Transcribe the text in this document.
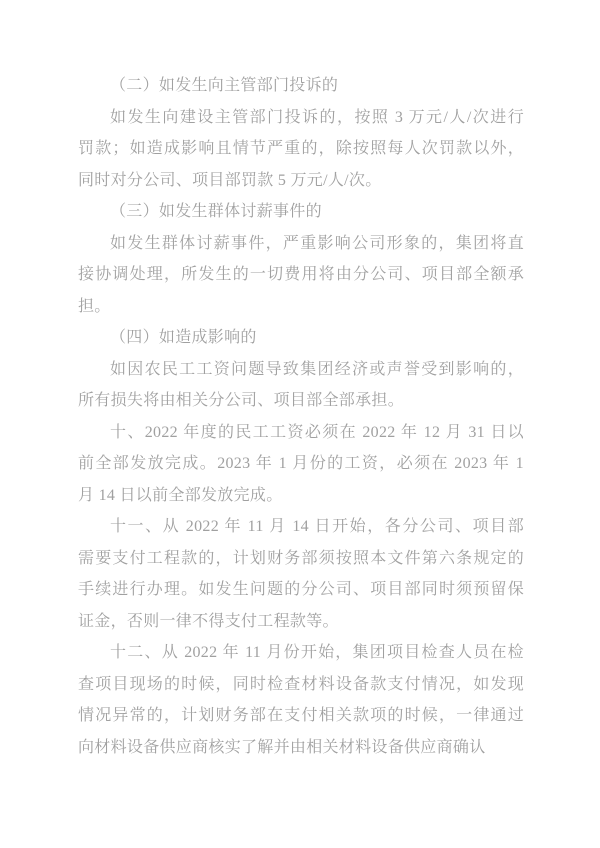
（二）如发生向主管部门投诉的
如发生向建设主管部门投诉的，按照 3 万元/人/次进行
罚款；如造成影响且情节严重的，除按照每人次罚款以外，
同时对分公司、项目部罚款 5 万元/人/次。
（三）如发生群体讨薪事件的
如发生群体讨薪事件，严重影响公司形象的，集团将直
接协调处理，所发生的一切费用将由分公司、项目部全额承
担。
（四）如造成影响的
如因农民工工资问题导致集团经济或声誉受到影响的，
所有损失将由相关分公司、项目部全部承担。
十、2022 年度的民工工资必须在 2022 年 12 月 31 日以
前全部发放完成。2023 年 1 月份的工资，必须在 2023 年 1
月 14 日以前全部发放完成。
十一、从 2022 年 11 月 14 日开始，各分公司、项目部
需要支付工程款的，计划财务部须按照本文件第六条规定的
手续进行办理。如发生问题的分公司、项目部同时须预留保
证金，否则一律不得支付工程款等。
十二、从 2022 年 11 月份开始，集团项目检查人员在检
查项目现场的时候，同时检查材料设备款支付情况，如发现
情况异常的，计划财务部在支付相关款项的时候，一律通过
向材料设备供应商核实了解并由相关材料设备供应商确认
